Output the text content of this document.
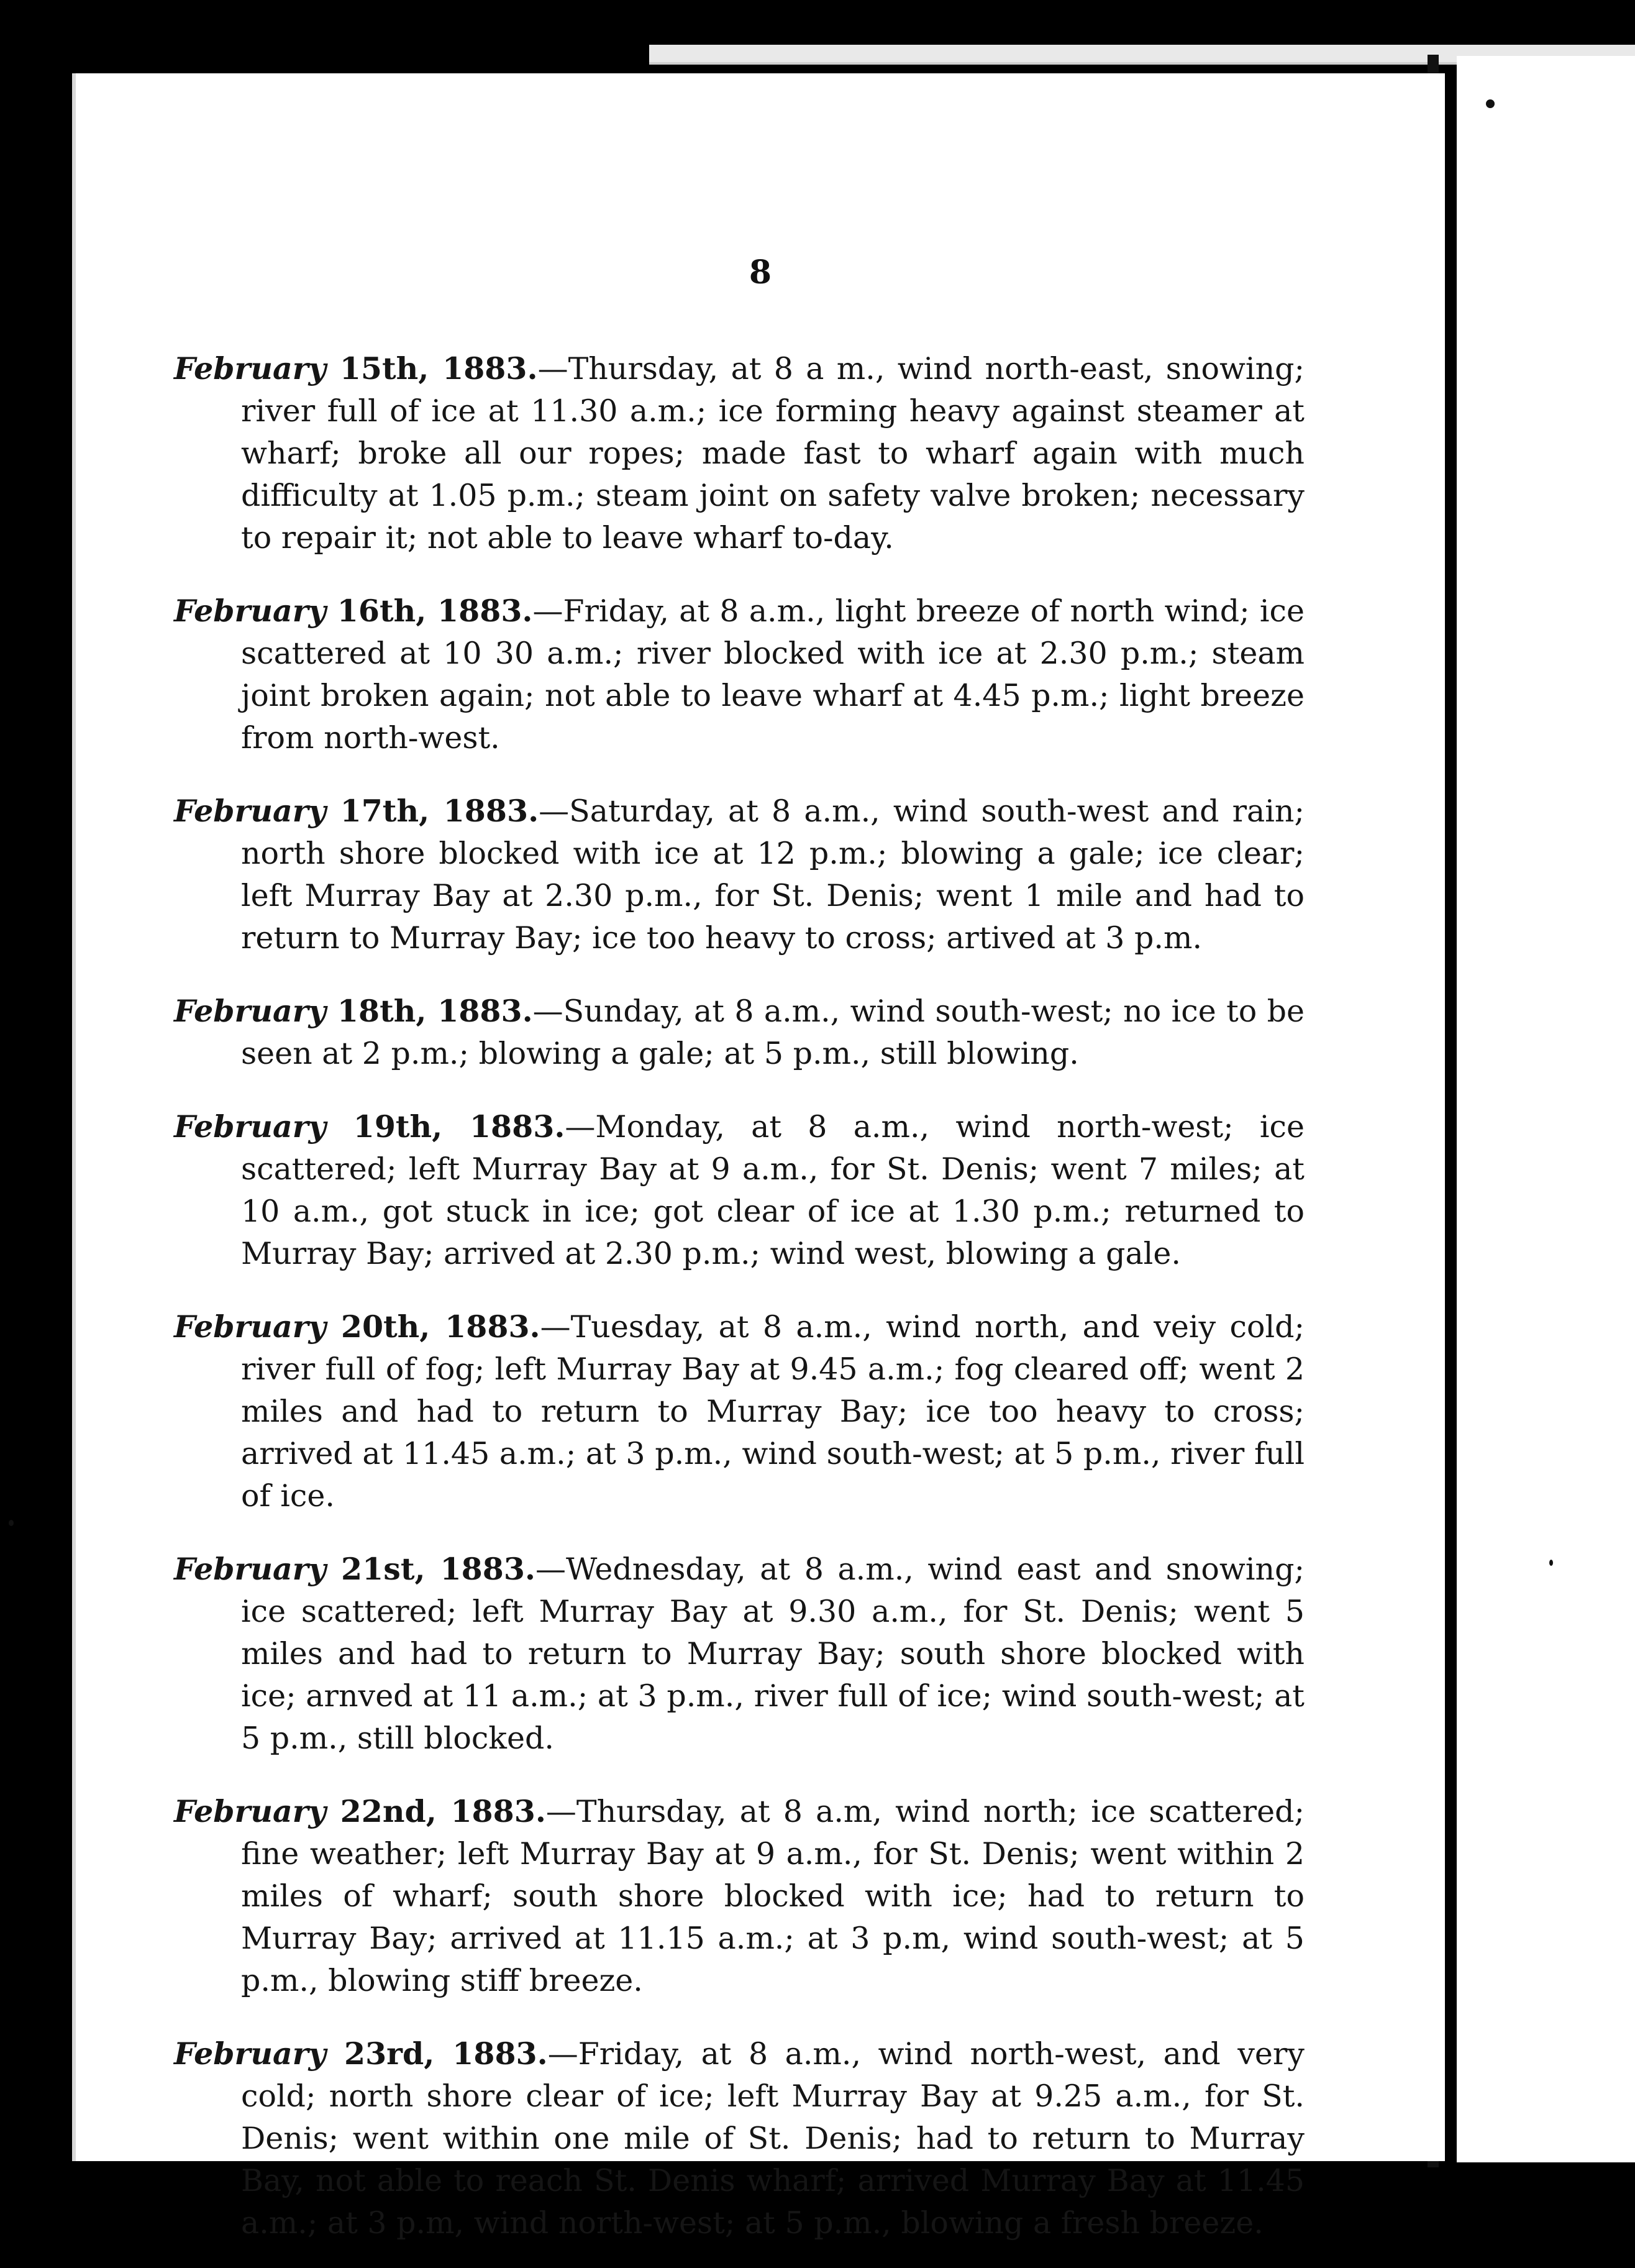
8

February 15th, 1883.—Thursday, at 8 a m., wind north-east, snowing; river full of ice at 11.30 a.m.; ice forming heavy against steamer at wharf; broke all our ropes; made fast to wharf again with much difficulty at 1.05 p.m.; steam joint on safety valve broken; necessary to repair it; not able to leave wharf to-day.

February 16th, 1883.—Friday, at 8 a.m., light breeze of north wind; ice scattered at 10 30 a.m.; river blocked with ice at 2.30 p.m.; steam joint broken again; not able to leave wharf at 4.45 p.m.; light breeze from north-west.

February 17th, 1883.—Saturday, at 8 a.m., wind south-west and rain; north shore blocked with ice at 12 p.m.; blowing a gale; ice clear; left Murray Bay at 2.30 p.m., for St. Denis; went 1 mile and had to return to Murray Bay; ice too heavy to cross; artived at 3 p.m.

February 18th, 1883.—Sunday, at 8 a.m., wind south-west; no ice to be seen at 2 p.m.; blowing a gale; at 5 p.m., still blowing.

February 19th, 1883.—Monday, at 8 a.m., wind north-west; ice scattered; left Murray Bay at 9 a.m., for St. Denis; went 7 miles; at 10 a.m., got stuck in ice; got clear of ice at 1.30 p.m.; returned to Murray Bay; arrived at 2.30 p.m.; wind west, blowing a gale.

February 20th, 1883.—Tuesday, at 8 a.m., wind north, and veiy cold; river full of fog; left Murray Bay at 9.45 a.m.; fog cleared off; went 2 miles and had to return to Murray Bay; ice too heavy to cross; arrived at 11.45 a.m.; at 3 p.m., wind south-west; at 5 p.m., river full of ice.

February 21st, 1883.—Wednesday, at 8 a.m., wind east and snowing; ice scattered; left Murray Bay at 9.30 a.m., for St. Denis; went 5 miles and had to return to Murray Bay; south shore blocked with ice; arnved at 11 a.m.; at 3 p.m., river full of ice; wind south-west; at 5 p.m., still blocked.

February 22nd, 1883.—Thursday, at 8 a.m, wind north; ice scattered; fine weather; left Murray Bay at 9 a.m., for St. Denis; went within 2 miles of wharf; south shore blocked with ice; had to return to Murray Bay; arrived at 11.15 a.m.; at 3 p.m, wind south-west; at 5 p.m., blowing stiff breeze.

February 23rd, 1883.—Friday, at 8 a.m., wind north-west, and very cold; north shore clear of ice; left Murray Bay at 9.25 a.m., for St. Denis; went within one mile of St. Denis; had to return to Murray Bay, not able to reach St. Denis wharf; arrived Murray Bay at 11.45 a.m.; at 3 p.m, wind north-west; at 5 p.m., blowing a fresh breeze.
